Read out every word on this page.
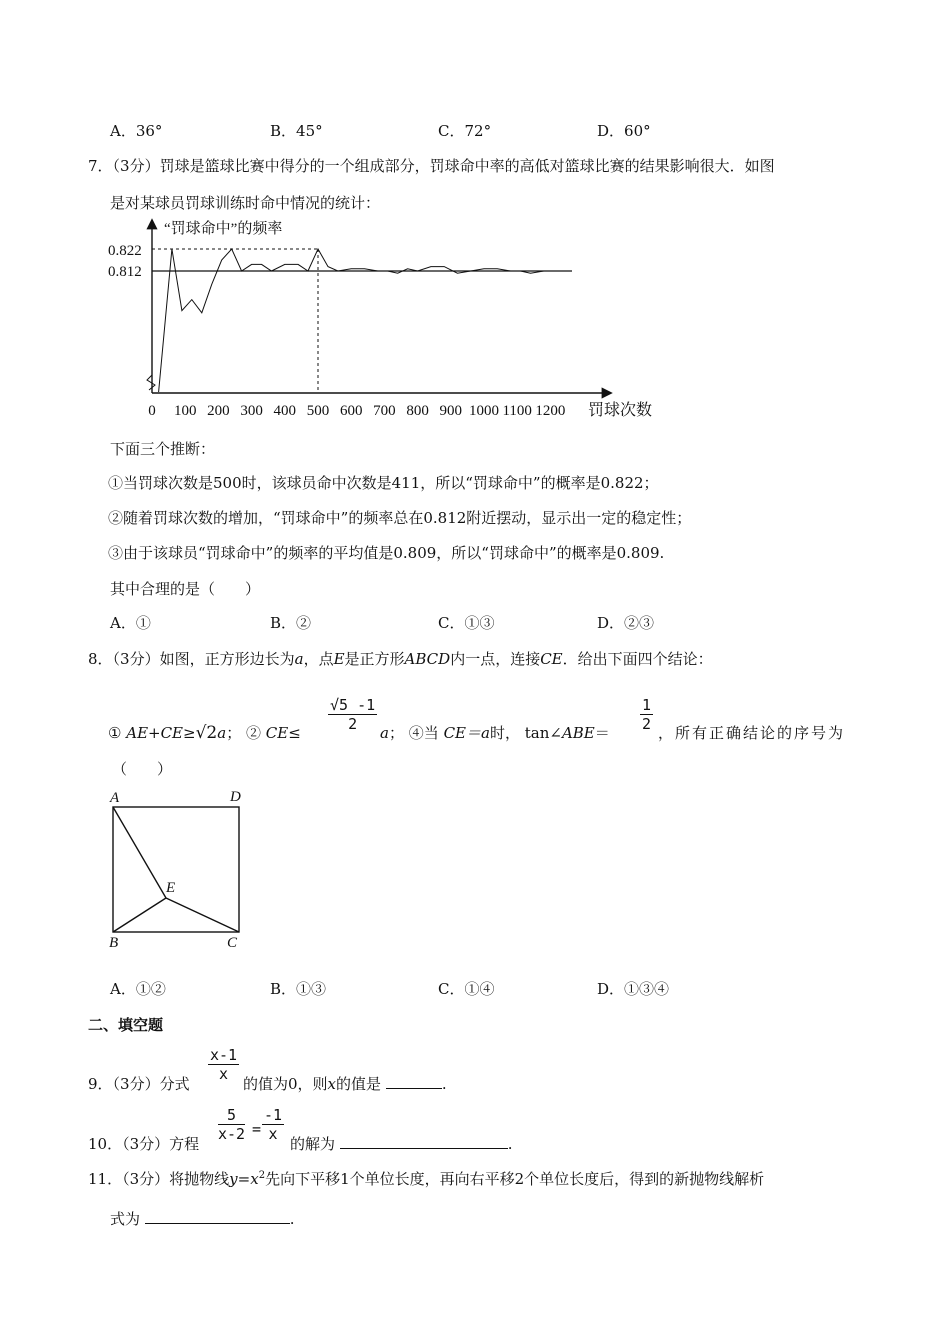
A．36°	B．45°	C．72°	D．60°
7．（3分）罚球是篮球比赛中得分的一个组成部分，罚球命中率的高低对篮球比赛的结果影响很大．如图
是对某球员罚球训练时命中情况的统计：
“罚球命中”的频率
0.822
0.812
0 100 200 300 400 500 600 700 800 900 1000 1100 1200 罚球次数
下面三个推断：
①当罚球次数是500时，该球员命中次数是411，所以“罚球命中”的概率是0.822；
②随着罚球次数的增加，“罚球命中”的频率总在0.812附近摆动，显示出一定的稳定性；
③由于该球员“罚球命中”的频率的平均值是0.809，所以“罚球命中”的概率是0.809.
其中合理的是（　　）
A．①	B．②	C．①③	D．②③
8．（3分）如图，正方形边长为a，点E是正方形ABCD内一点，连接CE．给出下面四个结论：
① AE+CE≥√2a； ② CE≤
√5 -1
2 a； ④当 CE＝a时， tan∠ABE＝
1
2 ，所有正确结论的序号为
（　　）
A	D
E
B	C
A．①②	B．①③	C．①④	D．①③④
二、填空题
x-1
x
9．（3分）分式	的值为0，则x的值是	.
5
x-2 =
-1
x
10．（3分）方程	的解为	.
11．（3分）将抛物线$y=x^2$先向下平移1个单位长度，再向右平移2个单位长度后，得到的新抛物线解析
式为	.
